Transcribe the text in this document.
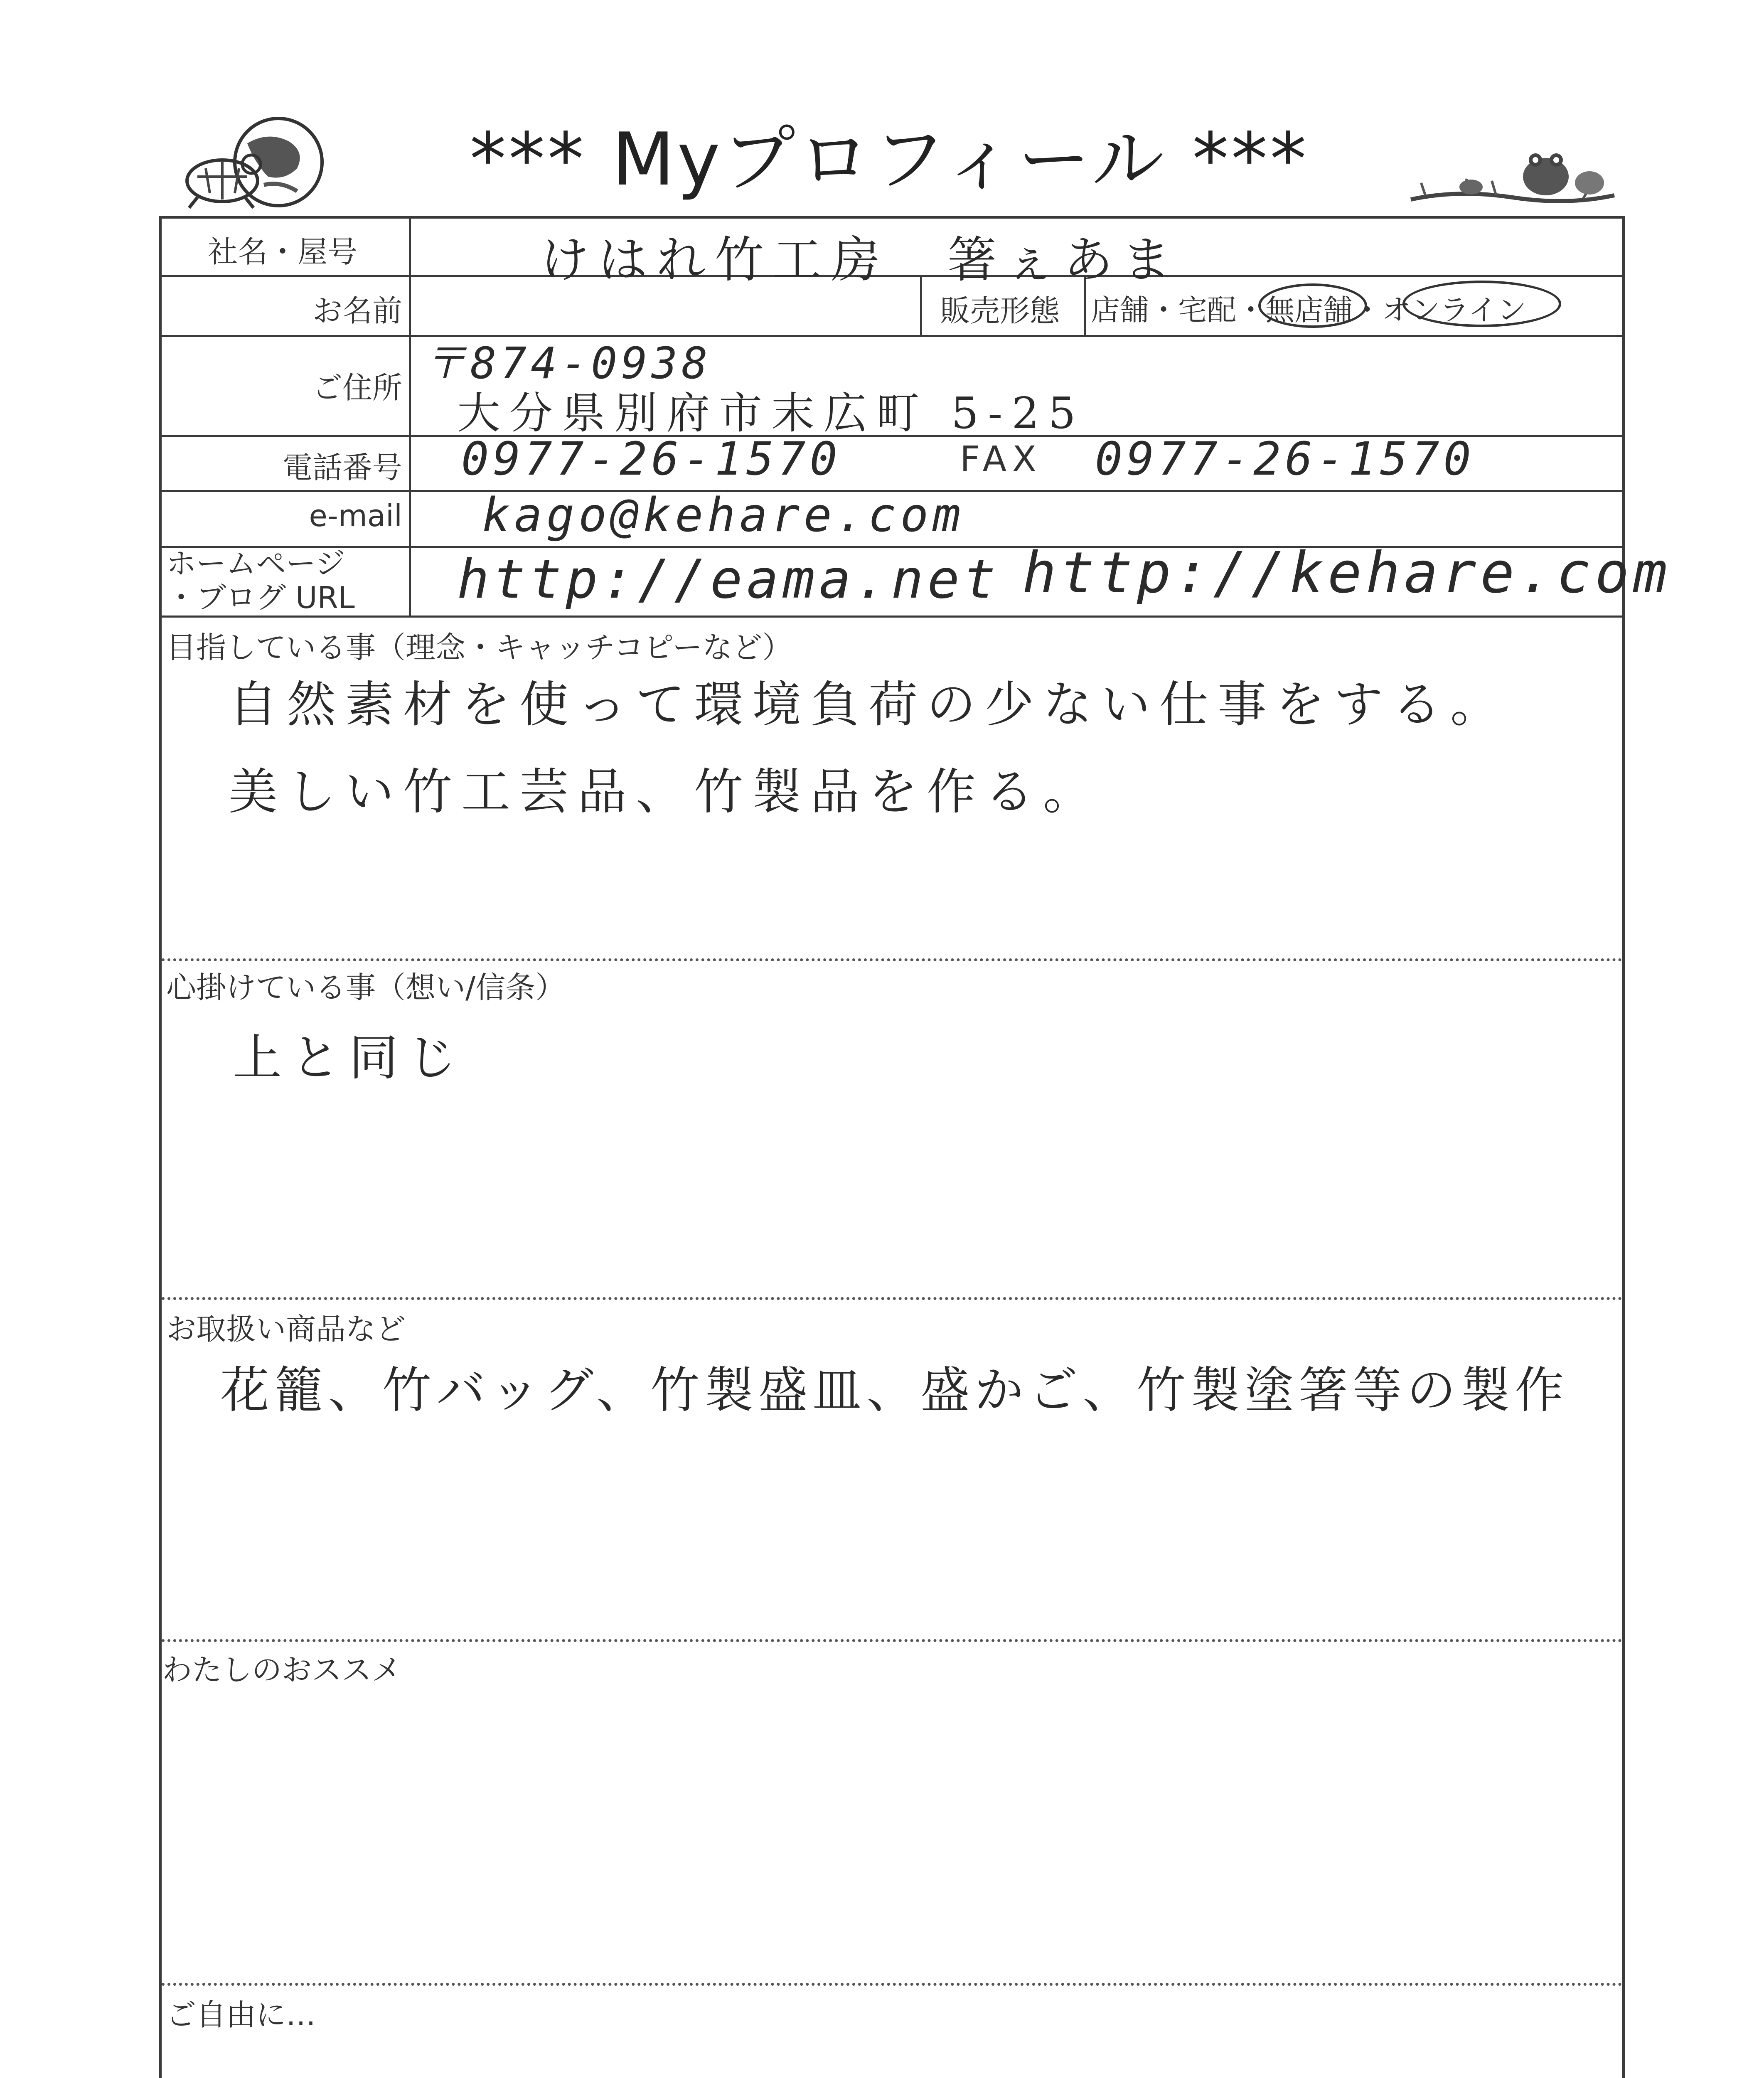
*** Myプロフィール ***
社名・屋号
お名前
ご住所
電話番号
e-mail
ホームページ
・ブログ URL
けはれ竹工房　箸ぇあま
販売形態 店舗・宅配・無店舗・オンライン
〒874-0938
大分県別府市末広町 5-25
0977-26-1570	FAX 0977-26-1570
kago@kehare.com
http://eama.net http://kehare.com
目指している事（理念・キャッチコピーなど）
自然素材を使って環境負荷の少ない仕事をする。
美しい竹工芸品、竹製品を作る。
心掛けている事（想い/信条）
上と同じ
お取扱い商品など
花籠、竹バッグ、竹製盛皿、盛かご、竹製塗箸等の製作
わたしのおススメ
ご自由に…
